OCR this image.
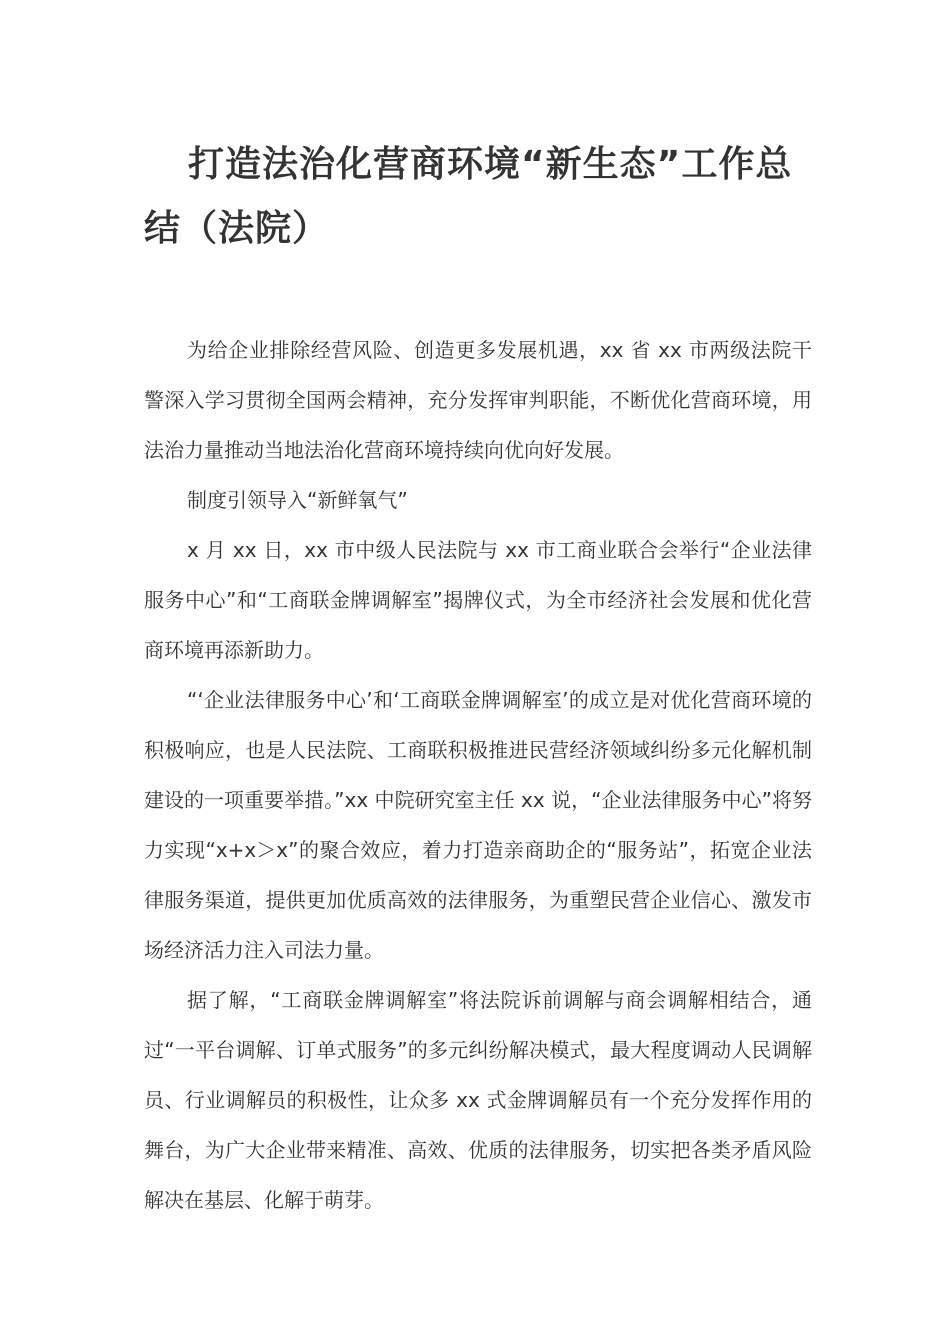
打造法治化营商环境“新生态”工作总结（法院）

为给企业排除经营风险、创造更多发展机遇，xx 省 xx 市两级法院干警深入学习贯彻全国两会精神，充分发挥审判职能，不断优化营商环境，用法治力量推动当地法治化营商环境持续向优向好发展。

制度引领导入“新鲜氧气”

x 月 xx 日，xx 市中级人民法院与 xx 市工商业联合会举行“企业法律服务中心”和“工商联金牌调解室”揭牌仪式，为全市经济社会发展和优化营商环境再添新助力。

“‘企业法律服务中心’和‘工商联金牌调解室’的成立是对优化营商环境的积极响应，也是人民法院、工商联积极推进民营经济领域纠纷多元化解机制建设的一项重要举措。”xx 中院研究室主任 xx 说，“企业法律服务中心”将努力实现“x+x＞x”的聚合效应，着力打造亲商助企的“服务站”，拓宽企业法律服务渠道，提供更加优质高效的法律服务，为重塑民营企业信心、激发市场经济活力注入司法力量。

据了解，“工商联金牌调解室”将法院诉前调解与商会调解相结合，通过“一平台调解、订单式服务”的多元纠纷解决模式，最大程度调动人民调解员、行业调解员的积极性，让众多 xx 式金牌调解员有一个充分发挥作用的舞台，为广大企业带来精准、高效、优质的法律服务，切实把各类矛盾风险解决在基层、化解于萌芽。
